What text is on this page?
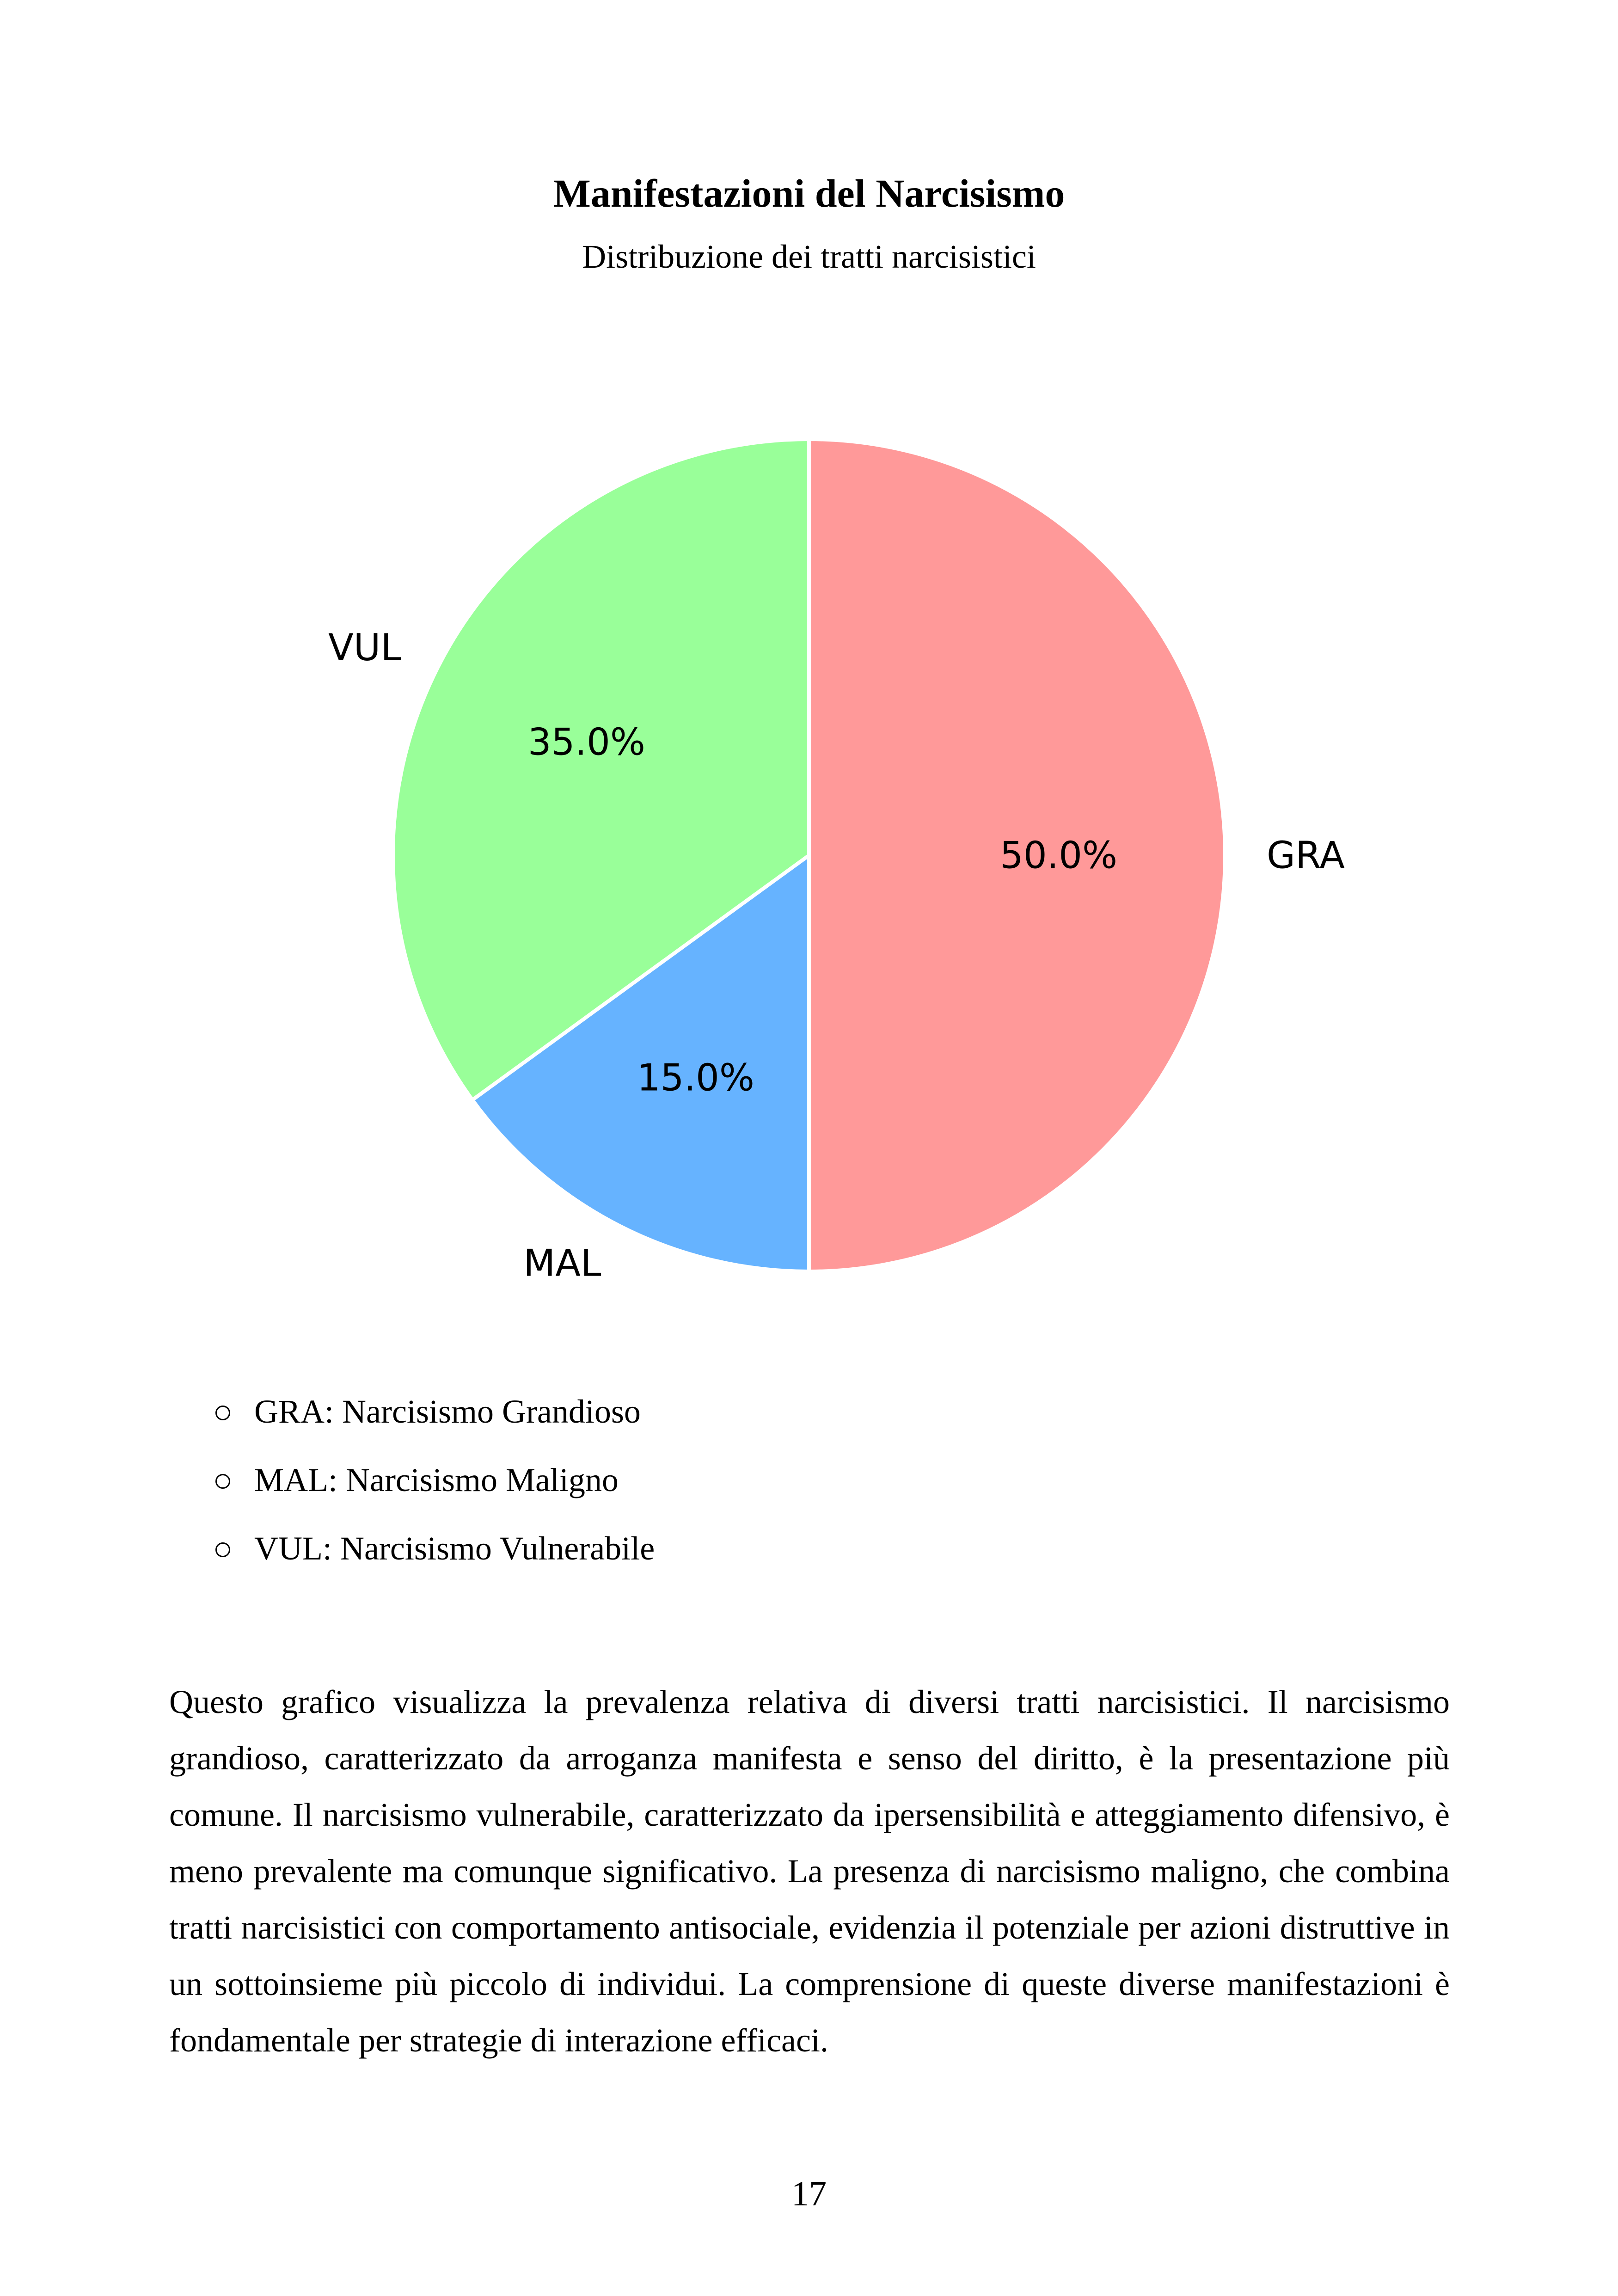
Manifestazioni del Narcisismo
Distribuzione dei tratti narcisistici
50.0%	GRA
15.0%
MAL
35.0%
VUL
GRA: Narcisismo Grandioso
MAL: Narcisismo Maligno
VUL: Narcisismo Vulnerabile

Questo grafico visualizza la prevalenza relativa di diversi tratti narcisistici. Il narcisismo grandioso, caratterizzato da arroganza manifesta e senso del diritto, è la presentazione più comune. Il narcisismo vulnerabile, caratterizzato da ipersensibilità e atteggiamento difensivo, è meno prevalente ma comunque significativo. La presenza di narcisismo maligno, che combina tratti narcisistici con comportamento antisociale, evidenzia il potenziale per azioni distruttive in un sottoinsieme più piccolo di individui. La comprensione di queste diverse manifestazioni è fondamentale per strategie di interazione efficaci.

17
